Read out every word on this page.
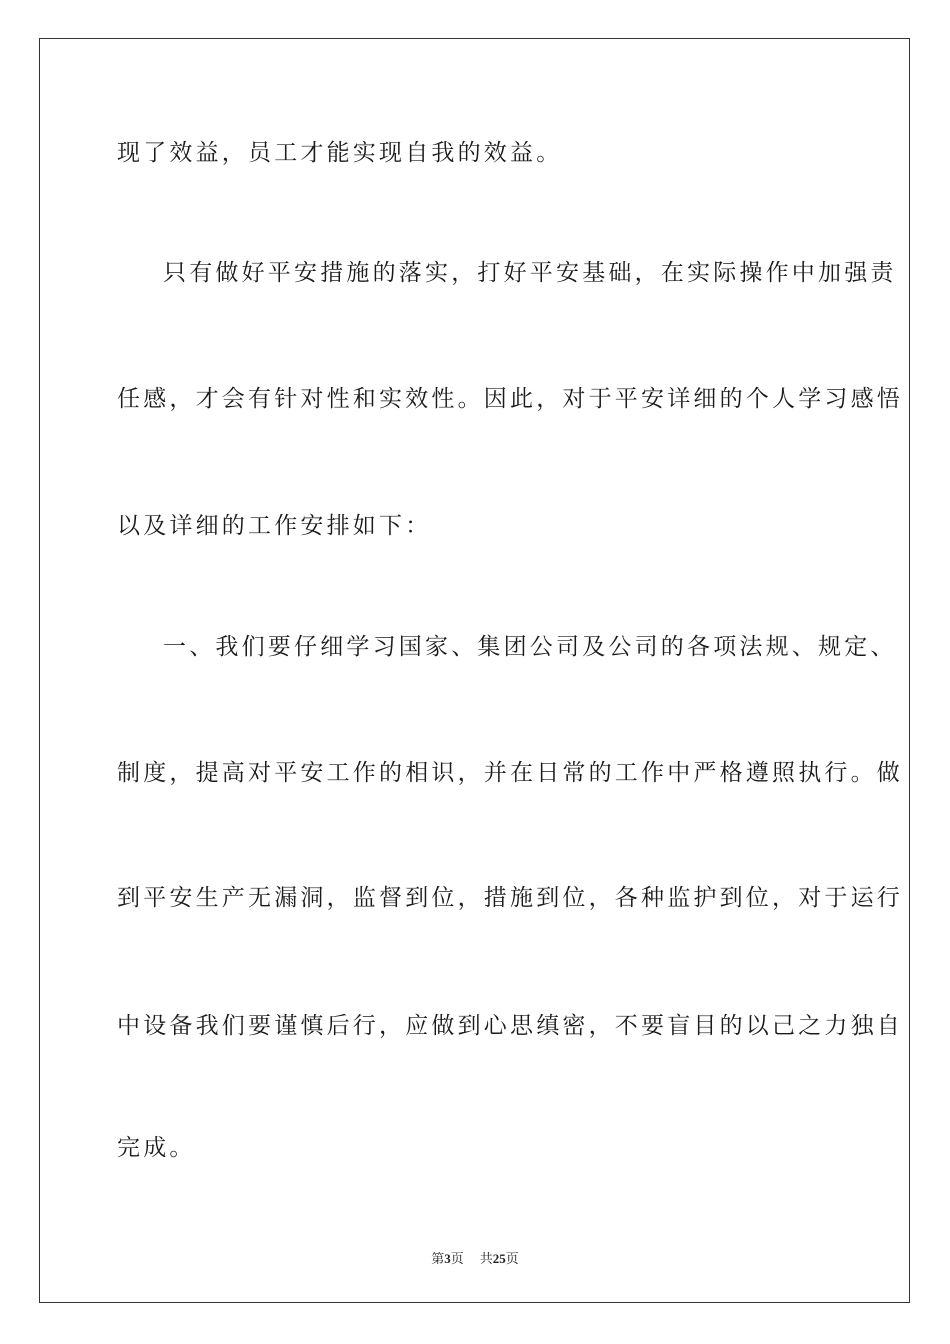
现了效益，员工才能实现自我的效益。
只有做好平安措施的落实，打好平安基础，在实际操作中加强责
任感，才会有针对性和实效性。因此，对于平安详细的个人学习感悟
以及详细的工作安排如下：
一、我们要仔细学习国家、集团公司及公司的各项法规、规定、
制度，提高对平安工作的相识，并在日常的工作中严格遵照执行。做
到平安生产无漏洞，监督到位，措施到位，各种监护到位，对于运行
中设备我们要谨慎后行，应做到心思缜密，不要盲目的以己之力独自
完成。
第3页 共25页
